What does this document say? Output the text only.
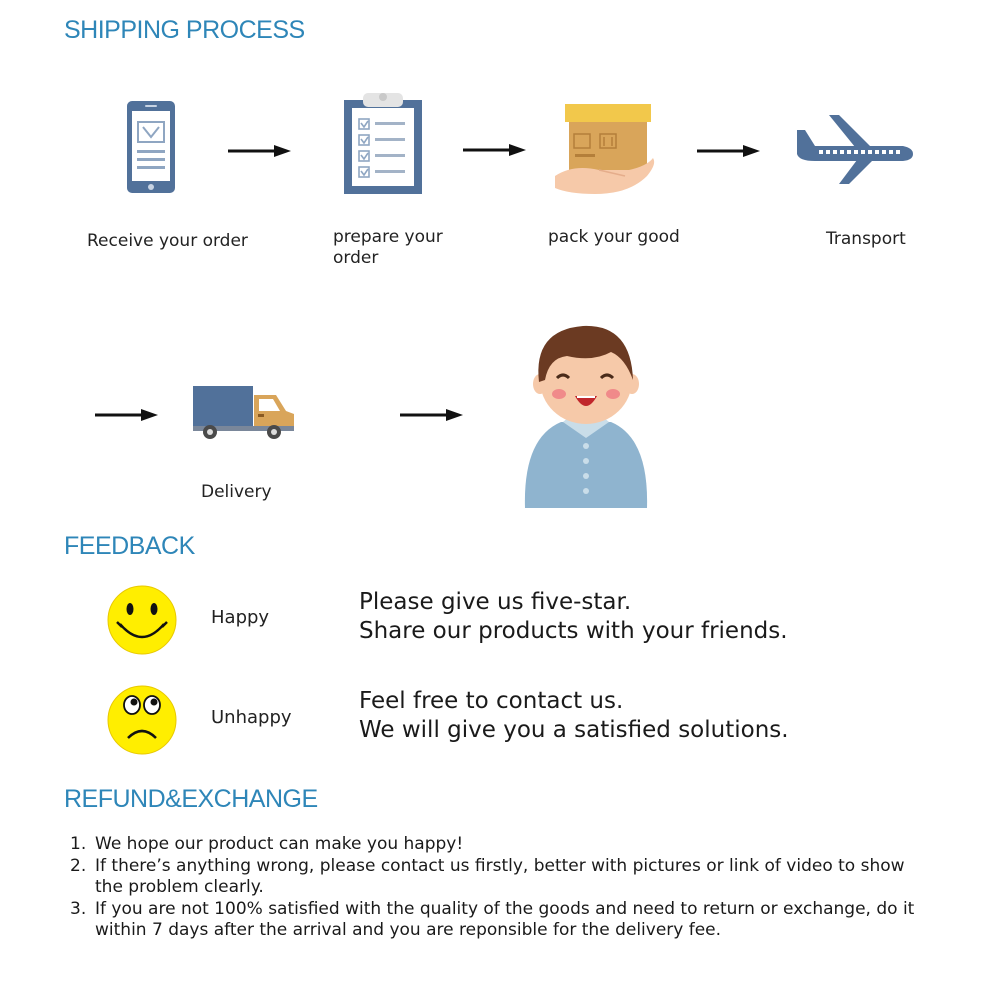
SHIPPING PROCESS
Receive your order	prepare your order
pack your good	Transport
Delivery
FEEDBACK
Happy
Please give us five-star.
Share our products with your friends.
Unhappy
Feel free to contact us.
We will give you a satisfied solutions.
REFUND&EXCHANGE
1. We hope our product can make you happy!
2. If there’s anything wrong, please contact us firstly, better with pictures or link of video to show the problem clearly.
3. If you are not 100% satisfied with the quality of the goods and need to return or exchange, do it within 7 days after the arrival and you are reponsible for the delivery fee.
